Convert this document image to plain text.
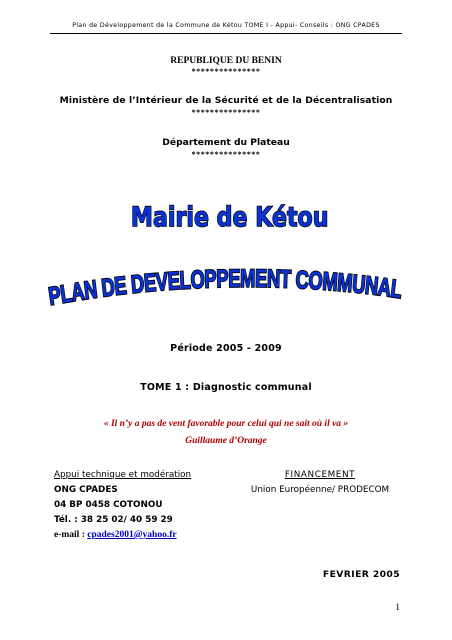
Plan de Développement de la Commune de Kétou TOME I - Appui- Conseils : ONG CPADES
REPUBLIQUE DU BENIN
***************
Ministère de l’Intérieur de la Sécurité et de la Décentralisation
***************
Département du Plateau
***************
Mairie de Kétou
PLAN DE DEVELOPPEMENT COMMUNAL
Période 2005 - 2009
TOME 1 : Diagnostic communal
« Il n’y a pas de vent favorable pour celui qui ne sait où il va »
Guillaume d’Orange
Appui technique et modération
ONG CPADES
04 BP 0458 COTONOU
Tél. : 38 25 02/ 40 59 29
e-mail : cpades2001@yahoo.fr
FINANCEMENT
Union Européenne/ PRODECOM
FEVRIER 2005
1
